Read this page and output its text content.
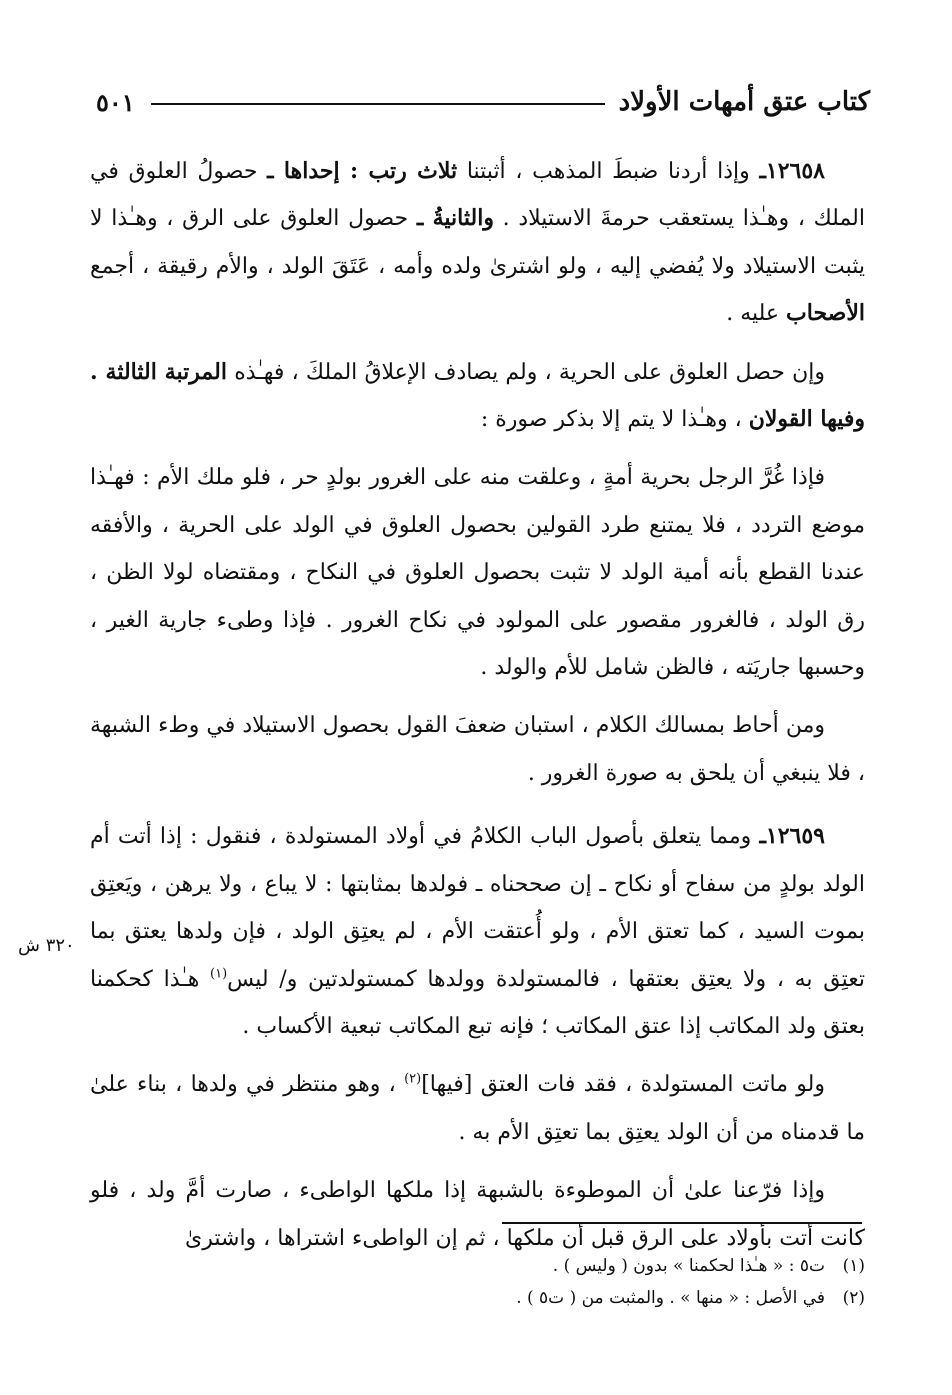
كتاب عتق أمهات الأولاد
٥٠١
٣٢٠ ش

١٢٦٥٨ـ وإذا أردنا ضبطَ المذهب ، أثبتنا ثلاث رتب : إحداها ـ حصولُ العلوق في الملك ، وهـٰذا يستعقب حرمةَ الاستيلاد . والثانيةُ ـ حصول العلوق على الرق ، وهـٰذا لا يثبت الاستيلاد ولا يُفضي إليه ، ولو اشترىٰ ولده وأمه ، عَتَقَ الولد ، والأم رقيقة ، أجمع الأصحاب عليه .

وإن حصل العلوق على الحرية ، ولم يصادف الإعلاقُ الملكَ ، فهـٰذه المرتبة الثالثة . وفيها القولان ، وهـٰذا لا يتم إلا بذكر صورة :

فإذا غُرَّ الرجل بحرية أمةٍ ، وعلقت منه على الغرور بولدٍ حر ، فلو ملك الأم : فهـٰذا موضع التردد ، فلا يمتنع طرد القولين بحصول العلوق في الولد على الحرية ، والأفقه عندنا القطع بأنه أمية الولد لا تثبت بحصول العلوق في النكاح ، ومقتضاه لولا الظن ، رق الولد ، فالغرور مقصور على المولود في نكاح الغرور . فإذا وطىء جارية الغير ، وحسبها جاريَته ، فالظن شامل للأم والولد .

ومن أحاط بمسالك الكلام ، استبان ضعفَ القول بحصول الاستيلاد في وطء الشبهة ، فلا ينبغي أن يلحق به صورة الغرور .

١٢٦٥٩ـ ومما يتعلق بأصول الباب الكلامُ في أولاد المستولدة ، فنقول : إذا أتت أم الولد بولدٍ من سفاح أو نكاح ـ إن صححناه ـ فولدها بمثابتها : لا يباع ، ولا يرهن ، ويَعتِق بموت السيد ، كما تعتق الأم ، ولو أُعتقت الأم ، لم يعتِق الولد ، فإن ولدها يعتق بما تعتِق به ، ولا يعتِق بعتقها ، فالمستولدة وولدها كمستولدتين و/ ليس$^{(١)}$ هـٰذا كحكمنا بعتق ولد المكاتب إذا عتق المكاتب ؛ فإنه تبع المكاتب تبعية الأكساب .

ولو ماتت المستولدة ، فقد فات العتق [فيها]$^{(٢)}$ ، وهو منتظر في ولدها ، بناء علىٰ ما قدمناه من أن الولد يعتِق بما تعتِق الأم به .

وإذا فرّعنا علىٰ أن الموطوءة بالشبهة إذا ملكها الواطىء ، صارت أمَّ ولد ، فلو كانت أتت بأولاد على الرق قبل أن ملكها ، ثم إن الواطىء اشتراها ، واشترىٰ

(١)ت٥ : « هـٰذا لحكمنا » بدون ( وليس ) .
(٢)في الأصل : « منها » . والمثبت من ( ت٥ ) .
